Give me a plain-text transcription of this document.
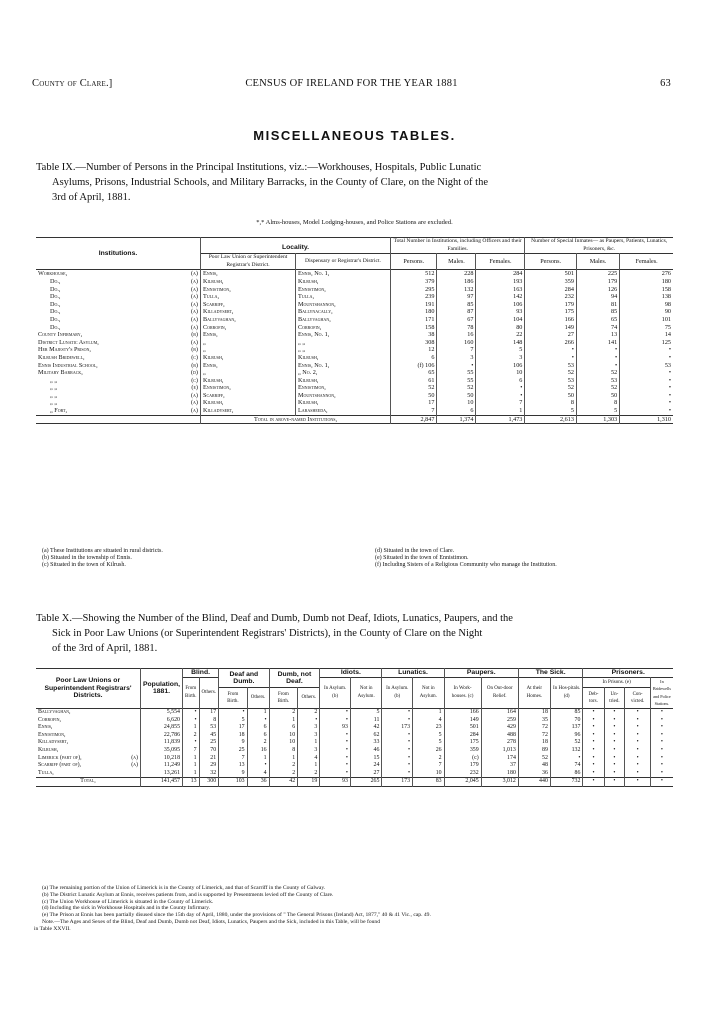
County of Clare.]	CENSUS OF IRELAND FOR THE YEAR 1881	63
MISCELLANEOUS TABLES.
Table IX.—Number of Persons in the Principal Institutions, viz.:—Workhouses, Hospitals, Public Lunatic
Asylums, Prisons, Industrial Schools, and Military Barracks, in the County of Clare, on the Night of the
3rd of April, 1881.
*,* Alms-houses, Model Lodging-houses, and Police Stations are excluded.
Institutions.	Locality.		Total Number in Institutions, including Officers and their Families.			Number of Special Inmates— as Paupers, Patients, Lunatics, Prisoners, &c.		
	Poor Law Union or Superintendent Registrar's District.	Dispensary or Registrar's District.	Persons.	Males.	Females.	Persons.	Males.	Females.
Workhouse, (a)	Ennis,	Ennis, No. 1,	512	228	284	501	225	276
Do., (a)	Kilrush,	Kilrush,	379	186	193	359	179	180
Do., (a)	Ennistimon,	Ennistimon,	295	132	163	284	126	158
Do., (a)	Tulla,	Tulla,	239	97	142	232	94	138
Do., (a)	Scarriff,	Mountshannon,	191	85	106	179	81	98
Do., (a)	Killadysert,	Ballynacally,	180	87	93	175	85	90
Do., (a)	Ballyvaghan,	Ballyvaghan,	171	67	104	166	65	101
Do., (a)	Corrofin,	Corrofin,	158	78	80	149	74	75
County Infirmary, (b)	Ennis,	Ennis, No. 1,	38	16	22	27	13	14
District Lunatic Asylum, (a)	„	„ „	308	160	148	266	141	125
Her Majesty's Prison, (b)	„	„ „	12	7	5	•	•	•
Kilrush Bridewell, (c)	Kilrush,	Kilrush,	6	3	3	•	•	•
Ennis Industrial School, (b)	Ennis,	Ennis, No. 1,	(f) 106	•	106	53	•	53
Military Barrack, (d)	„	„ No. 2,	65	55	10	52	52	•
„ „ (c)	Kilrush,	Kilrush,	61	55	6	53	53	•
„ „ (e)	Ennistimon,	Ennistimon,	52	52	•	52	52	•
„ „ (a)	Scarriff,	Mountshannon,	50	50	•	50	50	•
„ „ (a)	Kilrush,	Kilrush,	17	10	7	8	8	•
„ Fort, (a)	Killadysert,	Labasheeda,	7	6	1	5	5	•
	Total in above-named Institutions,		2,847	1,374	1,473	2,613	1,303	1,310
(a) These Institutions are situated in rural districts.
(b) Situated in the township of Ennis.
(c) Situated in the town of Kilrush.
(d) Situated in the town of Clare.
(e) Situated in the town of Ennistimon.
(f) Including Sisters of a Religious Community who manage the Institution.
Table X.—Showing the Number of the Blind, Deaf and Dumb, Dumb not Deaf, Idiots, Lunatics, Paupers, and the
Sick in Poor Law Unions (or Superintendent Registrars' Districts), in the County of Clare on the Night
of the 3rd of April, 1881.
Poor Law Unions or Superintendent Registrars' Districts.	Population, 1881.	Blind.		Deaf and Dumb.		Dumb, not Deaf.		Idiots.		Lunatics.		Paupers.		The Sick.		Prisoners.			
		From Birth.	Others.					In Asylum. (b)	Not in Asylum.	In Asylum. (b)	Not in Asylum.	In Work-houses. (c)	On Out-door Relief.	At their Homes.	In Hos-pitals. (d)	In Prisons. (e)			In Bridewells and Police Stations.
				From Birth.	Others.	From Birth.	Others.									Deb-tors.	Un-tried.	Con-victed.	
Ballyvaghan,	5,554	•	17	•	1	2	2	•	5	•	1	166	164	18	85	•	•	•	•
Corrofin,	6,620	•	8	5	•	1	•	•	11	•	4	149	259	35	70	•	•	•	•
Ennis,	24,855	1	53	17	6	6	3	93	42	173	23	501	429	72	137	•	•	•	•
Ennistimon,	22,786	2	45	18	6	10	3	•	62	•	5	284	488	72	96	•	•	•	•
Killadysert,	11,839	•	25	9	2	10	1	•	33	•	5	175	278	18	52	•	•	•	•
Kilrush,	35,095	7	70	25	16	8	3	•	46	•	26	359	1,013	89	132	•	•	•	•
Limerick (part of), (a)	10,218	1	21	7	1	1	4	•	15	•	2	(c)	174	52	•	•	•	•	•
Scarriff (part of), (a)	11,249	1	29	13	•	2	1	•	24	•	7	179	37	48	74	•	•	•	•
Tulla,	13,261	1	32	9	4	2	2	•	27	•	10	232	180	36	86	•	•	•	•
Total,	141,457	13	300	103	36	42	19	93	265	173	83	2,045	3,012	440	732	•	•	•	•
(a) The remaining portion of the Union of Limerick is in the County of Limerick, and that of Scarriff in the County of Galway.
(b) The District Lunatic Asylum at Ennis, receives patients from, and is supported by Presentments levied off the County of Clare.
(c) The Union Workhouse of Limerick is situated in the County of Limerick.
(d) Including the sick in Workhouse Hospitals and in the County Infirmary.
(e) The Prison at Ennis has been partially disused since the 15th day of April, 1880, under the provisions of " The General Prisons (Ireland) Act, 1877," 40 & 41 Vic., cap. 49.
Note.—The Ages and Sexes of the Blind, Deaf and Dumb, Dumb not Deaf, Idiots, Lunatics, Paupers and the Sick, included in this Table, will be found
in Table XXVII.
